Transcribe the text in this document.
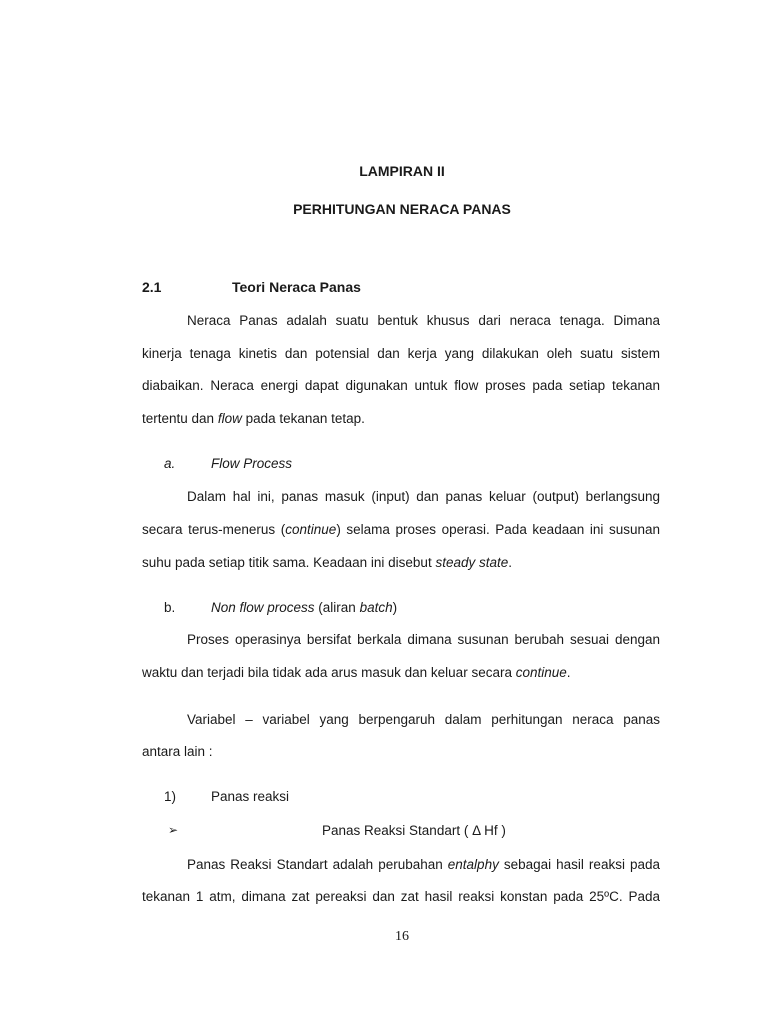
LAMPIRAN II
PERHITUNGAN NERACA PANAS
2.1	Teori Neraca Panas
Neraca Panas adalah suatu bentuk khusus dari neraca tenaga. Dimana
kinerja tenaga kinetis dan potensial dan kerja yang dilakukan oleh suatu sistem
diabaikan. Neraca energi dapat digunakan untuk flow proses pada setiap tekanan
tertentu dan flow pada tekanan tetap.
a.	Flow Process
Dalam hal ini, panas masuk (input) dan panas keluar (output) berlangsung
secara terus-menerus (continue) selama proses operasi. Pada keadaan ini susunan
suhu pada setiap titik sama. Keadaan ini disebut steady state.
b.	Non flow process (aliran batch)
Proses operasinya bersifat berkala dimana susunan berubah sesuai dengan
waktu dan terjadi bila tidak ada arus masuk dan keluar secara continue.
Variabel – variabel yang berpengaruh dalam perhitungan neraca panas
antara lain :
1)	Panas reaksi
➢	Panas Reaksi Standart ( Δ Hf )
Panas Reaksi Standart adalah perubahan entalphy sebagai hasil reaksi pada
tekanan 1 atm, dimana zat pereaksi dan zat hasil reaksi konstan pada 25ºC. Pada
16
